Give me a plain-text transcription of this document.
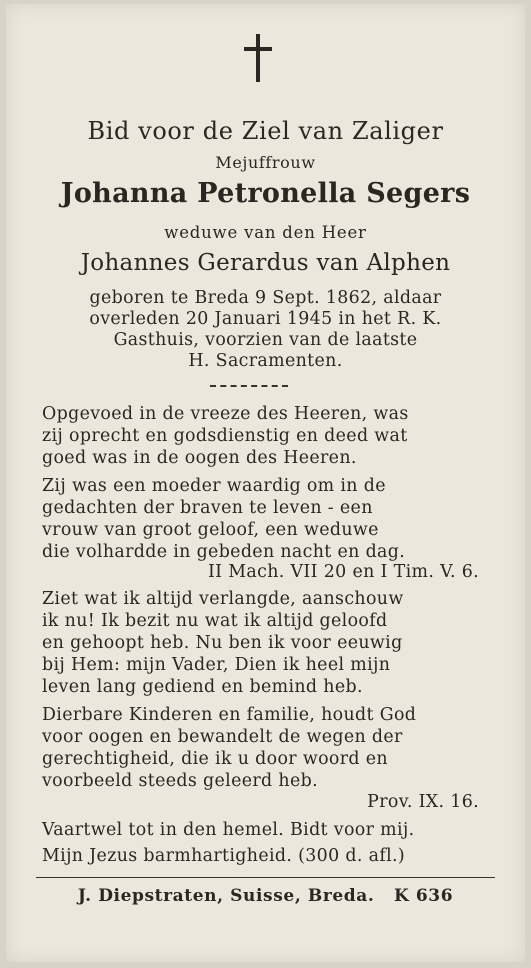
Bid voor de Ziel van Zaliger
Mejuffrouw
Johanna Petronella Segers
weduwe van den Heer
Johannes Gerardus van Alphen
geboren te Breda 9 Sept. 1862, aldaar
overleden 20 Januari 1945 in het R. K.
Gasthuis, voorzien van de laatste
H. Sacramenten.
Opgevoed in de vreeze des Heeren, was
zij oprecht en godsdienstig en deed wat
goed was in de oogen des Heeren.
Zij was een moeder waardig om in de
gedachten der braven te leven - een
vrouw van groot geloof, een weduwe
die volhardde in gebeden nacht en dag.
II Mach. VII 20 en I Tim. V. 6.
Ziet wat ik altijd verlangde, aanschouw
ik nu! Ik bezit nu wat ik altijd geloofd
en gehoopt heb. Nu ben ik voor eeuwig
bij Hem: mijn Vader, Dien ik heel mijn
leven lang gediend en bemind heb.
Dierbare Kinderen en familie, houdt God
voor oogen en bewandelt de wegen der
gerechtigheid, die ik u door woord en
voorbeeld steeds geleerd heb.
Prov. IX. 16.
Vaartwel tot in den hemel. Bidt voor mij.
Mijn Jezus barmhartigheid. (300 d. afl.)
J. Diepstraten, Suisse, Breda.   K 636
